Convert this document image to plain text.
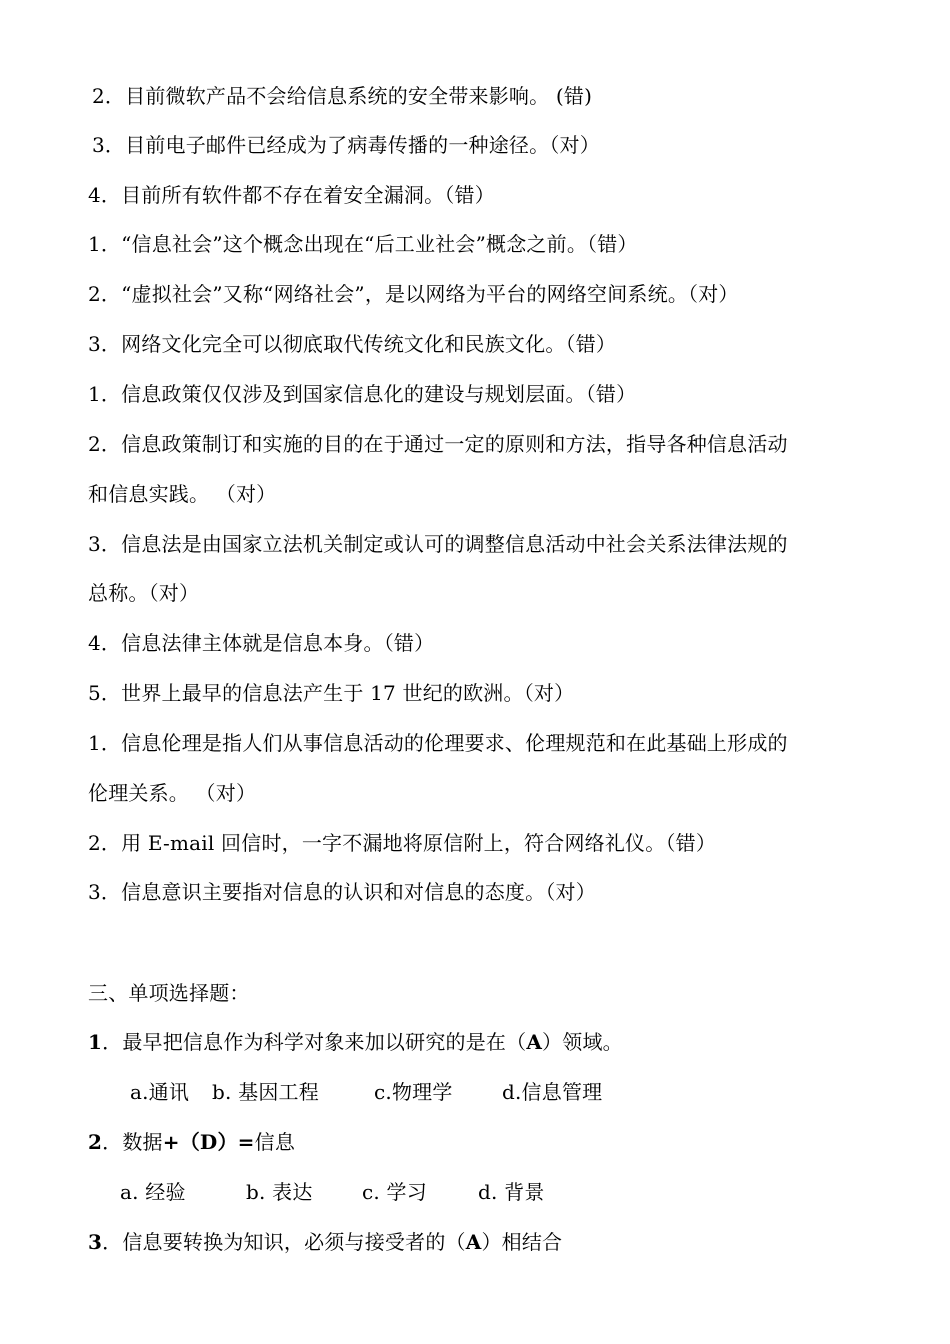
2．目前微软产品不会给信息系统的安全带来影响。 (错)
3．目前电子邮件已经成为了病毒传播的一种途径。（对）
4．目前所有软件都不存在着安全漏洞。（错）
1．“信息社会”这个概念出现在“后工业社会”概念之前。（错）
2．“虚拟社会”又称“网络社会”，是以网络为平台的网络空间系统。（对）
3．网络文化完全可以彻底取代传统文化和民族文化。（错）
1．信息政策仅仅涉及到国家信息化的建设与规划层面。（错）
2．信息政策制订和实施的目的在于通过一定的原则和方法，指导各种信息活动
和信息实践。 （对）
3．信息法是由国家立法机关制定或认可的调整信息活动中社会关系法律法规的
总称。（对）
4．信息法律主体就是信息本身。（错）
5．世界上最早的信息法产生于 17 世纪的欧洲。（对）
1．信息伦理是指人们从事信息活动的伦理要求、伦理规范和在此基础上形成的
伦理关系。 （对）
2．用 E-mail 回信时，一字不漏地将原信附上，符合网络礼仪。（错）
3．信息意识主要指对信息的认识和对信息的态度。（对）
三、单项选择题：
1．最早把信息作为科学对象来加以研究的是在（A）领域。
a.通讯 b. 基因工程	c.物理学 d.信息管理
2．数据+（D）=信息
a. 经验	b. 表达 c. 学习	d. 背景
3．信息要转换为知识，必须与接受者的（A）相结合
